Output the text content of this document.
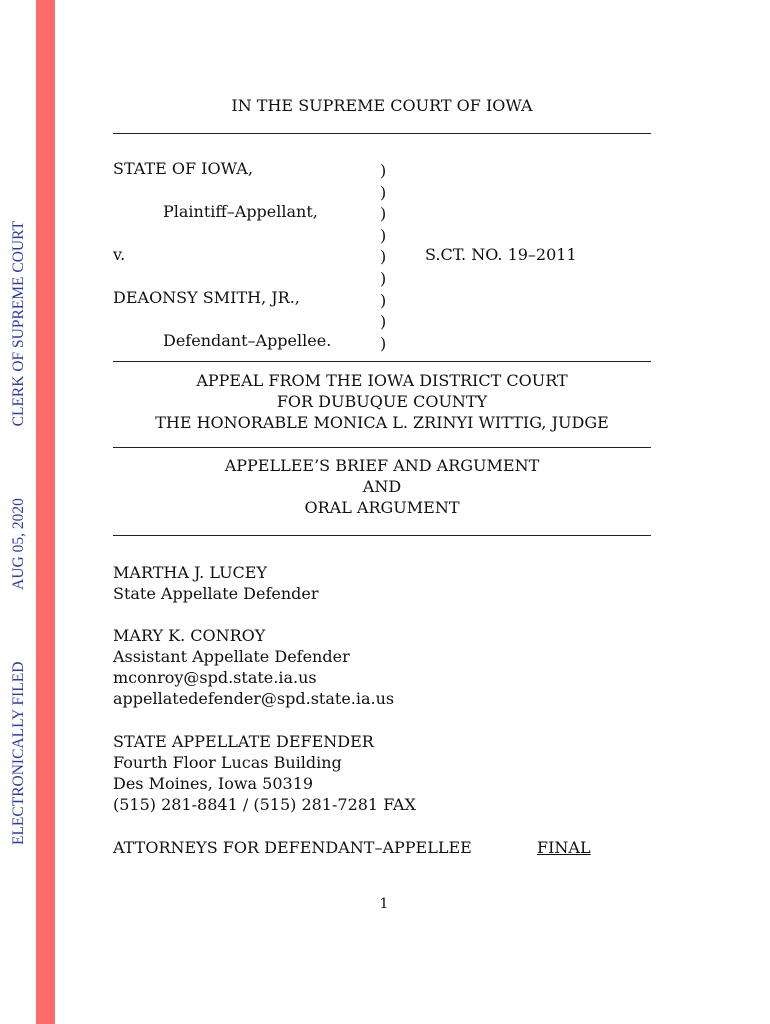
ELECTRONICALLY FILED
AUG 05, 2020
CLERK OF SUPREME COURT
IN THE SUPREME COURT OF IOWA
STATE OF IOWA,
Plaintiff–Appellant,
v.
DEAONSY SMITH, JR.,
Defendant–Appellee.
S.CT. NO. 19–2011
)
)
)
)
)
)
)
)
)
APPEAL FROM THE IOWA DISTRICT COURT
FOR DUBUQUE COUNTY
THE HONORABLE MONICA L. ZRINYI WITTIG, JUDGE
APPELLEE’S BRIEF AND ARGUMENT
AND
ORAL ARGUMENT
MARTHA J. LUCEY
State Appellate Defender
MARY K. CONROY
Assistant Appellate Defender
mconroy@spd.state.ia.us
appellatedefender@spd.state.ia.us
STATE APPELLATE DEFENDER
Fourth Floor Lucas Building
Des Moines, Iowa 50319
(515) 281-8841 / (515) 281-7281 FAX
ATTORNEYS FOR DEFENDANT–APPELLEE	FINAL
1
